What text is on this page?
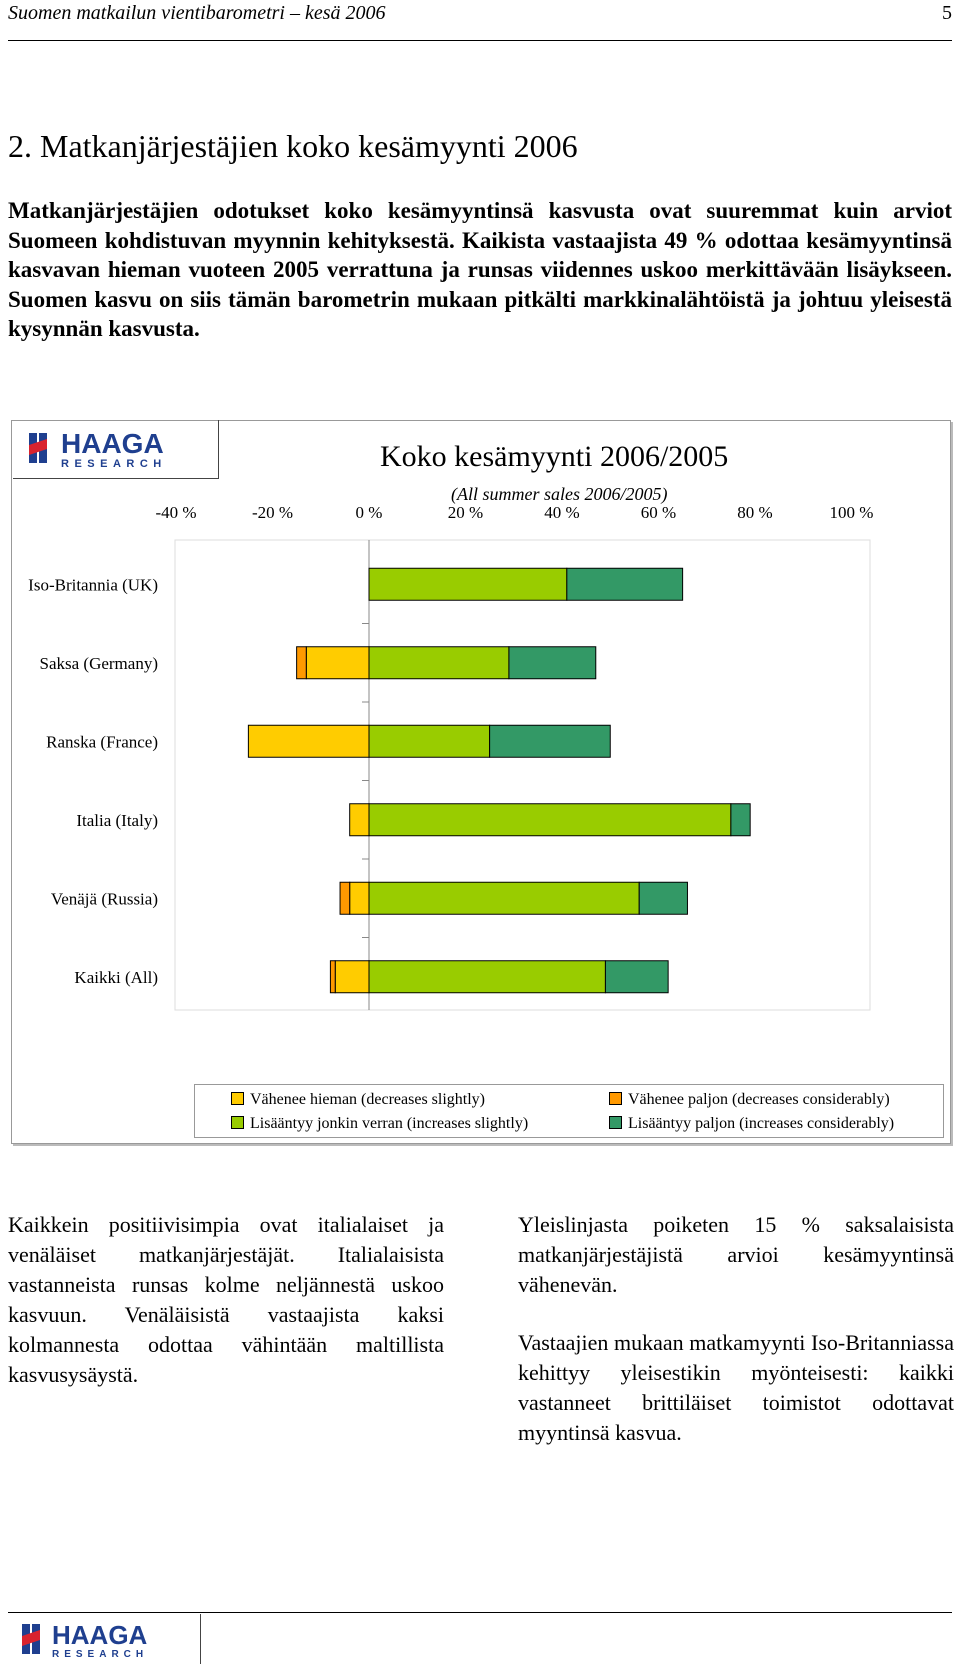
Suomen matkailun vientibarometri – kesä 2006	5
2. Matkanjärjestäjien koko kesämyynti 2006
Matkanjärjestäjien odotukset koko kesämyyntinsä kasvusta ovat suuremmat kuin arviot Suomeen kohdistuvan myynnin kehityksestä. Kaikista vastaajista 49 % odottaa kesämyyntinsä kasvavan hieman vuoteen 2005 verrattuna ja runsas viidennes uskoo merkittävään lisäykseen. Suomen kasvu on siis tämän barometrin mukaan pitkälti markkinalähtöistä ja johtuu yleisestä kysynnän kasvusta.
HAAGA
RESEARCH	Koko kesämyynti 2006/2005
(All summer sales 2006/2005)
-40 %	-20 %	0 %	20 %	40 %	60 %	80 %	100 %
Iso-Britannia (UK)
Saksa (Germany)
Ranska (France)
Italia (Italy)
Venäjä (Russia)
Kaikki (All)
Vähenee hieman (decreases slightly)	Vähenee paljon (decreases considerably)
Lisääntyy jonkin verran (increases slightly)	Lisääntyy paljon (increases considerably)

Kaikkein positiivisimpia ovat italialaiset ja venäläiset matkanjärjestäjät. Italialaisista vastanneista runsas kolme neljännestä uskoo kasvuun. Venäläisistä vastaajista kaksi kolmannesta odottaa vähintään maltillista kasvusysäystä.

Yleislinjasta poiketen 15 % saksalaisista matkanjärjestäjistä arvioi kesämyyntinsä vähenevän.

Vastaajien mukaan matkamyynti Iso-Britanniassa kehittyy yleisestikin myönteisesti: kaikki vastanneet brittiläiset toimistot odottavat myyntinsä kasvua.

HAAGA
RESEARCH
